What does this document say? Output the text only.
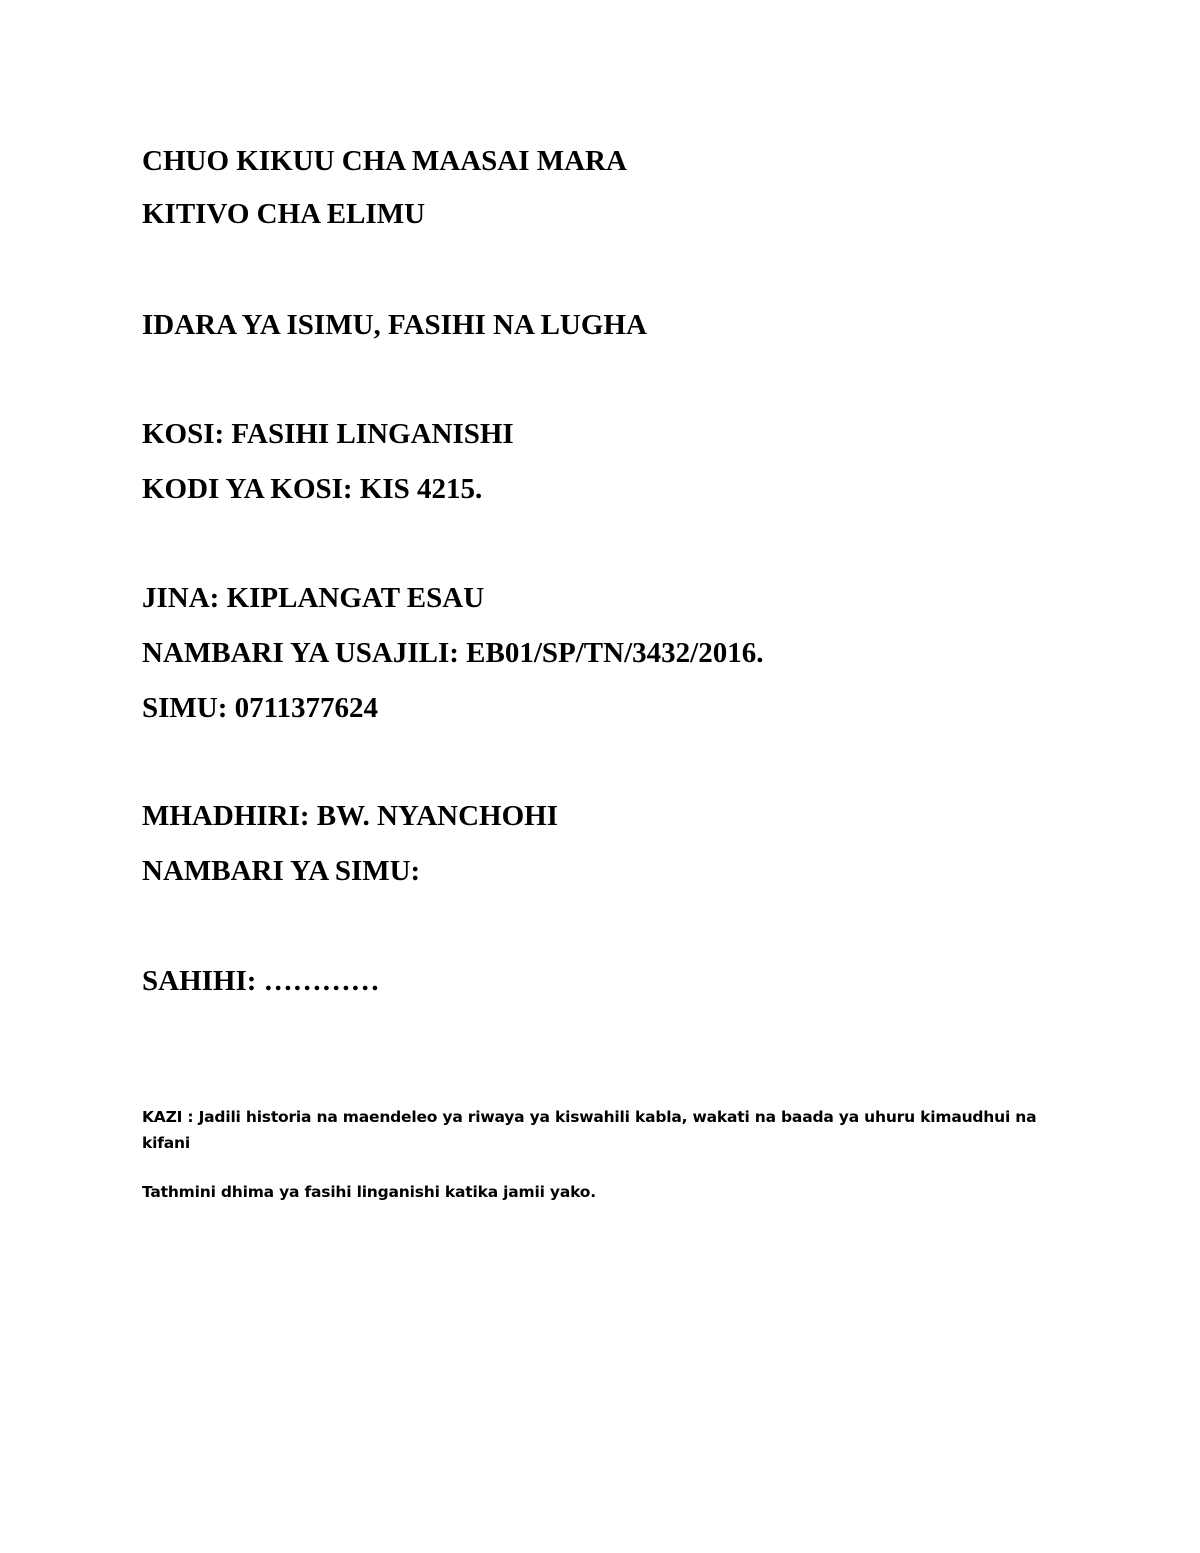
CHUO KIKUU CHA MAASAI MARA

KITIVO CHA ELIMU

IDARA YA ISIMU, FASIHI NA LUGHA

KOSI: FASIHI LINGANISHI

KODI YA KOSI: KIS 4215.

JINA: KIPLANGAT ESAU

NAMBARI YA USAJILI: EB01/SP/TN/3432/2016.

SIMU: 0711377624

MHADHIRI: BW. NYANCHOHI

NAMBARI YA SIMU:

SAHIHI: …………

KAZI : Jadili historia na maendeleo ya riwaya ya kiswahili kabla, wakati na baada ya uhuru kimaudhui na kifani

Tathmini dhima ya fasihi linganishi katika jamii yako.
